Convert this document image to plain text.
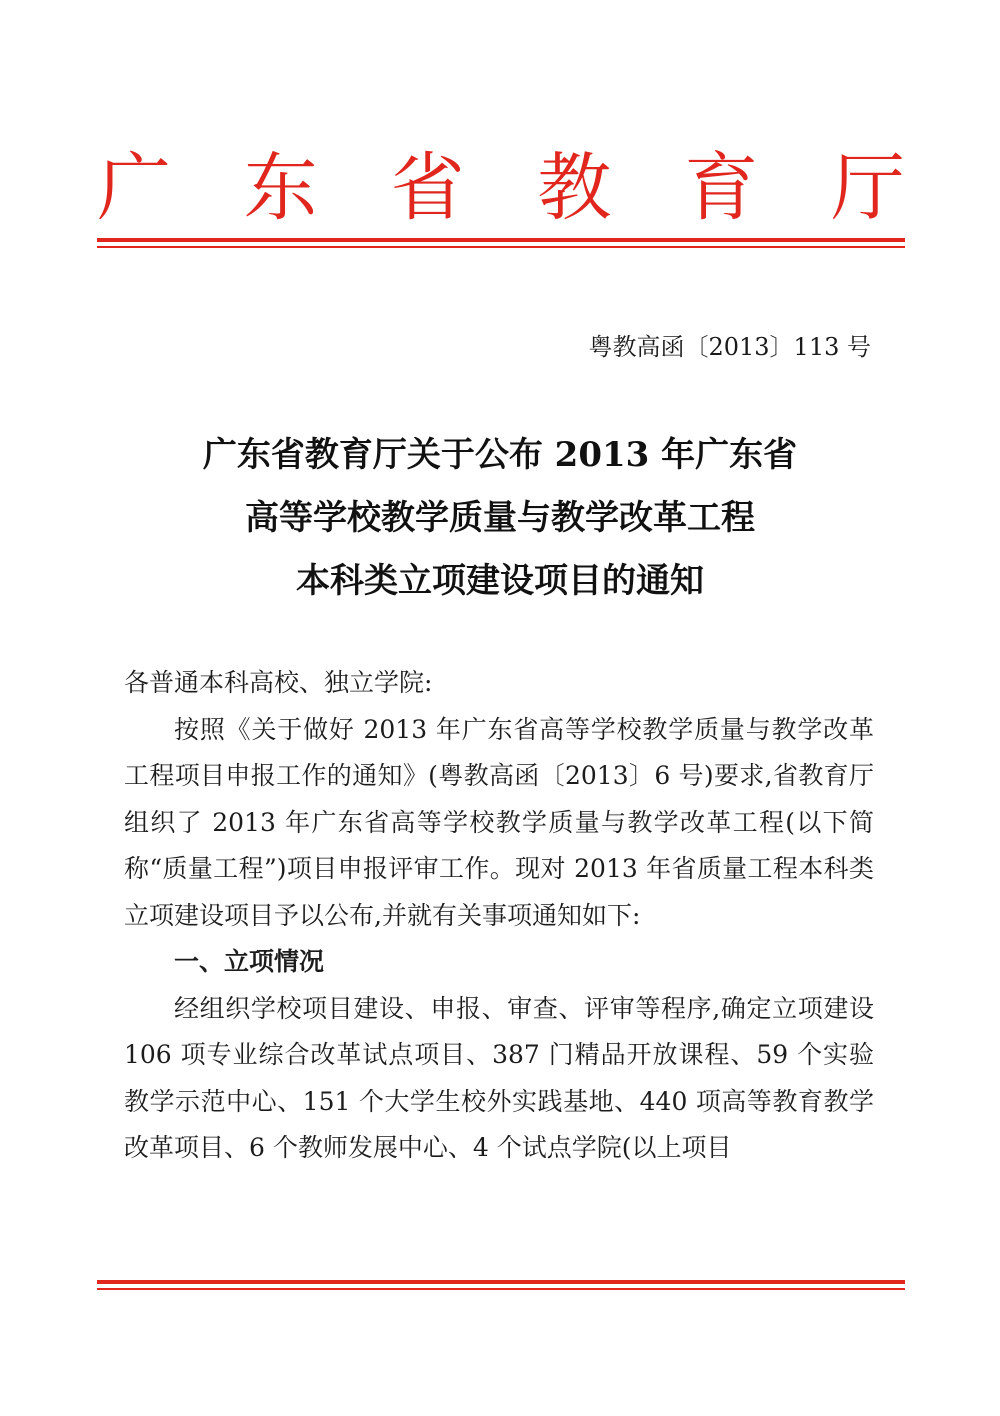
广 东 省 教 育 厅
粤教高函〔2013〕113 号
广东省教育厅关于公布 2013 年广东省
高等学校教学质量与教学改革工程
本科类立项建设项目的通知

各普通本科高校、独立学院:

按照《关于做好 2013 年广东省高等学校教学质量与教学改革工程项目申报工作的通知》(粤教高函〔2013〕6 号)要求,省教育厅组织了 2013 年广东省高等学校教学质量与教学改革工程(以下简称“质量工程”)项目申报评审工作。现对 2013 年省质量工程本科类立项建设项目予以公布,并就有关事项通知如下:

一、立项情况

经组织学校项目建设、申报、审查、评审等程序,确定立项建设 106 项专业综合改革试点项目、387 门精品开放课程、59 个实验教学示范中心、151 个大学生校外实践基地、440 项高等教育教学改革项目、6 个教师发展中心、4 个试点学院(以上项目
